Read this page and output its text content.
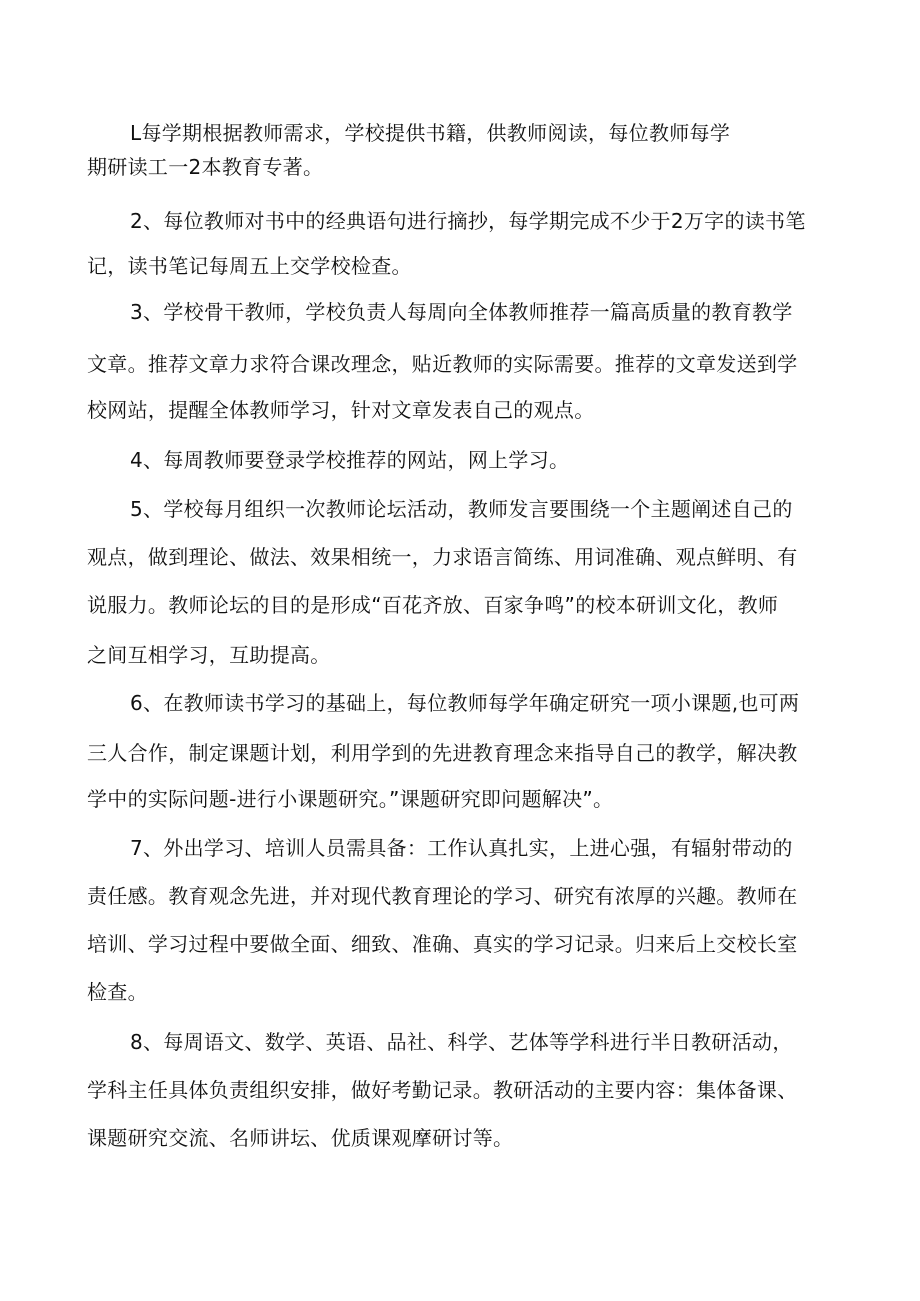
L每学期根据教师需求，学校提供书籍，供教师阅读，每位教师每学
期研读工一2本教育专著。
2、每位教师对书中的经典语句进行摘抄，每学期完成不少于2万字的读书笔
记，读书笔记每周五上交学校检查。
3、学校骨干教师，学校负责人每周向全体教师推荐一篇高质量的教育教学
文章。推荐文章力求符合课改理念，贴近教师的实际需要。推荐的文章发送到学
校网站，提醒全体教师学习，针对文章发表自己的观点。
4、每周教师要登录学校推荐的网站，网上学习。
5、学校每月组织一次教师论坛活动，教师发言要围绕一个主题阐述自己的
观点，做到理论、做法、效果相统一，力求语言简练、用词准确、观点鲜明、有
说服力。教师论坛的目的是形成“百花齐放、百家争鸣”的校本研训文化，教师
之间互相学习，互助提高。
6、在教师读书学习的基础上，每位教师每学年确定研究一项小课题,也可两
三人合作，制定课题计划，利用学到的先进教育理念来指导自己的教学，解决教
学中的实际问题-进行小课题研究。”课题研究即问题解决”。
7、外出学习、培训人员需具备：工作认真扎实，上进心强，有辐射带动的
责任感。教育观念先进，并对现代教育理论的学习、研究有浓厚的兴趣。教师在
培训、学习过程中要做全面、细致、准确、真实的学习记录。归来后上交校长室
检查。
8、每周语文、数学、英语、品社、科学、艺体等学科进行半日教研活动，
学科主任具体负责组织安排，做好考勤记录。教研活动的主要内容：集体备课、
课题研究交流、名师讲坛、优质课观摩研讨等。
